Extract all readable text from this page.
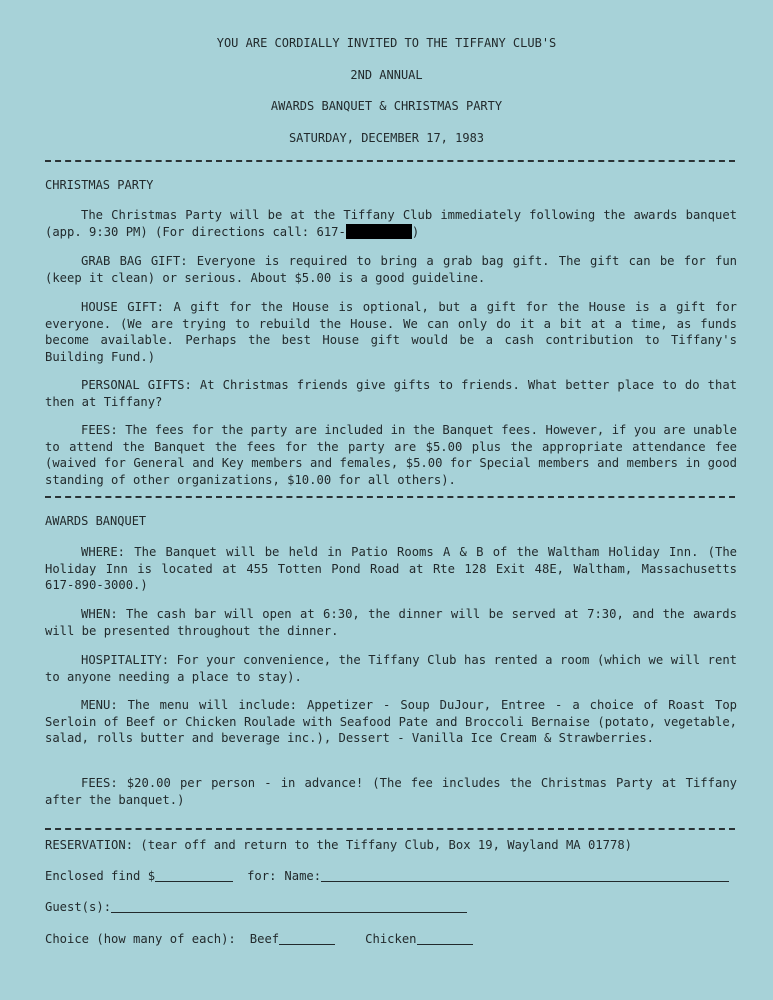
YOU ARE CORDIALLY INVITED TO THE TIFFANY CLUB'S
2ND ANNUAL
AWARDS BANQUET & CHRISTMAS PARTY
SATURDAY, DECEMBER 17, 1983
CHRISTMAS PARTY
The Christmas Party will be at the Tiffany Club immediately following the awards banquet (app. 9:30 PM) (For directions call: 617-	)
GRAB BAG GIFT: Everyone is required to bring a grab bag gift. The gift can be for fun (keep it clean) or serious. About $5.00 is a good guideline.
HOUSE GIFT: A gift for the House is optional, but a gift for the House is a gift for everyone. (We are trying to rebuild the House. We can only do it a bit at a time, as funds become available. Perhaps the best House gift would be a cash contribution to Tiffany's Building Fund.)
PERSONAL GIFTS: At Christmas friends give gifts to friends. What better place to do that then at Tiffany?
FEES: The fees for the party are included in the Banquet fees. However, if you are unable to attend the Banquet the fees for the party are $5.00 plus the appropriate attendance fee (waived for General and Key members and females, $5.00 for Special members and members in good standing of other organizations, $10.00 for all others).
AWARDS BANQUET
WHERE: The Banquet will be held in Patio Rooms A & B of the Waltham Holiday Inn. (The Holiday Inn is located at 455 Totten Pond Road at Rte 128 Exit 48E, Waltham, Massachusetts 617-890-3000.)
WHEN: The cash bar will open at 6:30, the dinner will be served at 7:30, and the awards will be presented throughout the dinner.
HOSPITALITY: For your convenience, the Tiffany Club has rented a room (which we will rent to anyone needing a place to stay).
MENU: The menu will include: Appetizer - Soup DuJour, Entree - a choice of Roast Top Serloin of Beef or Chicken Roulade with Seafood Pate and Broccoli Bernaise (potato, vegetable, salad, rolls butter and beverage inc.), Dessert - Vanilla Ice Cream & Strawberries.
FEES: $20.00 per person - in advance! (The fee includes the Christmas Party at Tiffany after the banquet.)
RESERVATION: (tear off and return to the Tiffany Club, Box 19, Wayland MA 01778)
Enclosed find $	for: Name:
Guest(s):
Choice (how many of each): Beef	Chicken
